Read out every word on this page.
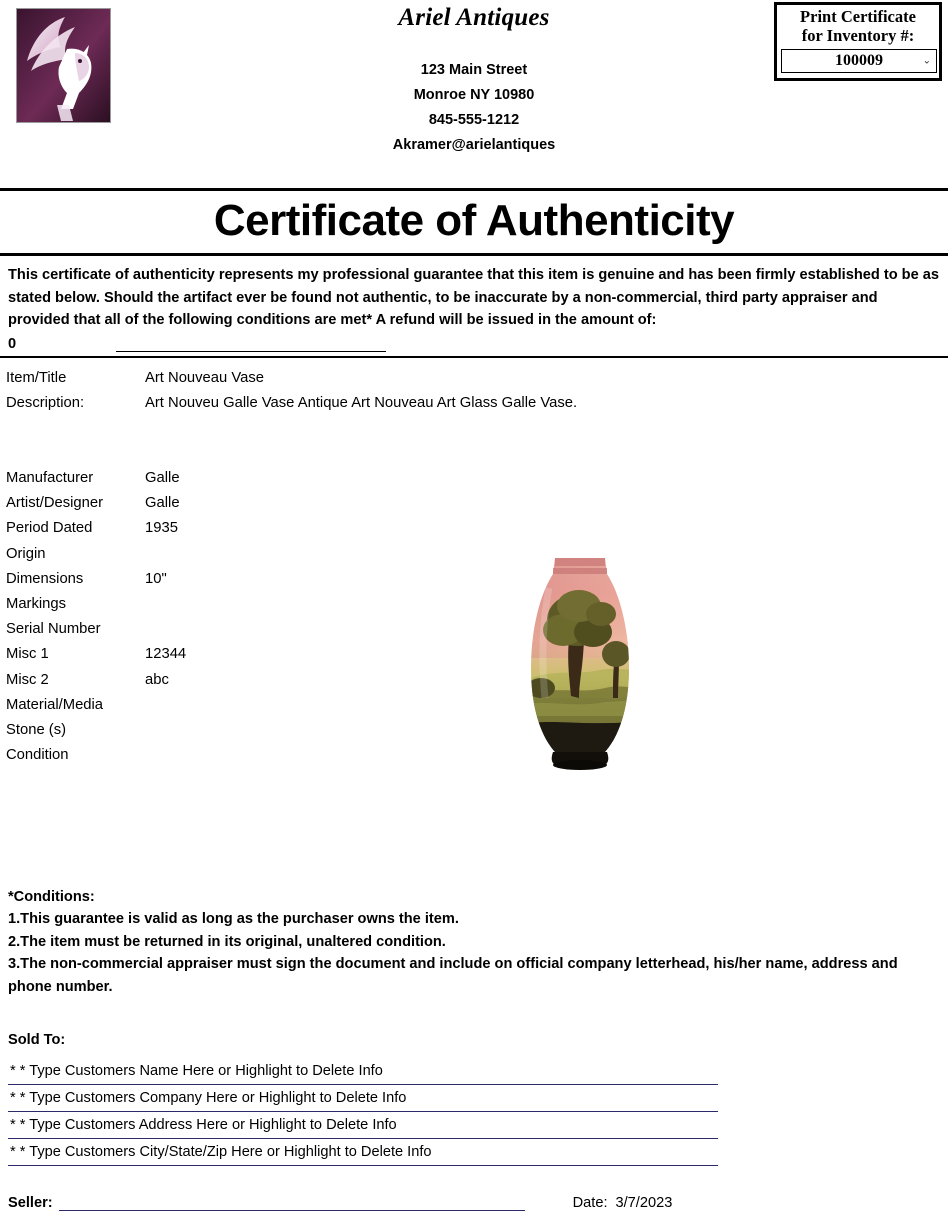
Ariel Antiques
123 Main Street
Monroe NY 10980
845-555-1212
Akramer@arielantiques
Print Certificate
for Inventory #:
100009	⌄
Certificate of Authenticity
This certificate of authenticity represents my professional guarantee that this item is genuine and has been firmly established to be as stated below. Should the artifact ever be found not authentic, to be inaccurate by a non-commercial, third party appraiser and provided that all of the following conditions are met* A refund will be issued in the amount of:
0
Item/Title	Art Nouveau Vase
Description:	Art Nouveu Galle Vase Antique Art Nouveau Art Glass Galle Vase.
Manufacturer	Galle
Artist/Designer	Galle
Period Dated	1935
Origin
Dimensions	10"
Markings
Serial Number
Misc 1	12344
Misc 2	abc
Material/Media
Stone (s)
Condition
*Conditions:
1.This guarantee is valid as long as the purchaser owns the item.
2.The item must be returned in its original, unaltered condition.
3.The non-commercial appraiser must sign the document and include on official company letterhead, his/her name, address and phone number.
Sold To:
* * Type Customers Name Here or Highlight to Delete Info
* * Type Customers Company Here or Highlight to Delete Info
* * Type Customers Address Here or Highlight to Delete Info
* * Type Customers City/State/Zip Here or Highlight to Delete Info
Seller:	Date: 3/7/2023
